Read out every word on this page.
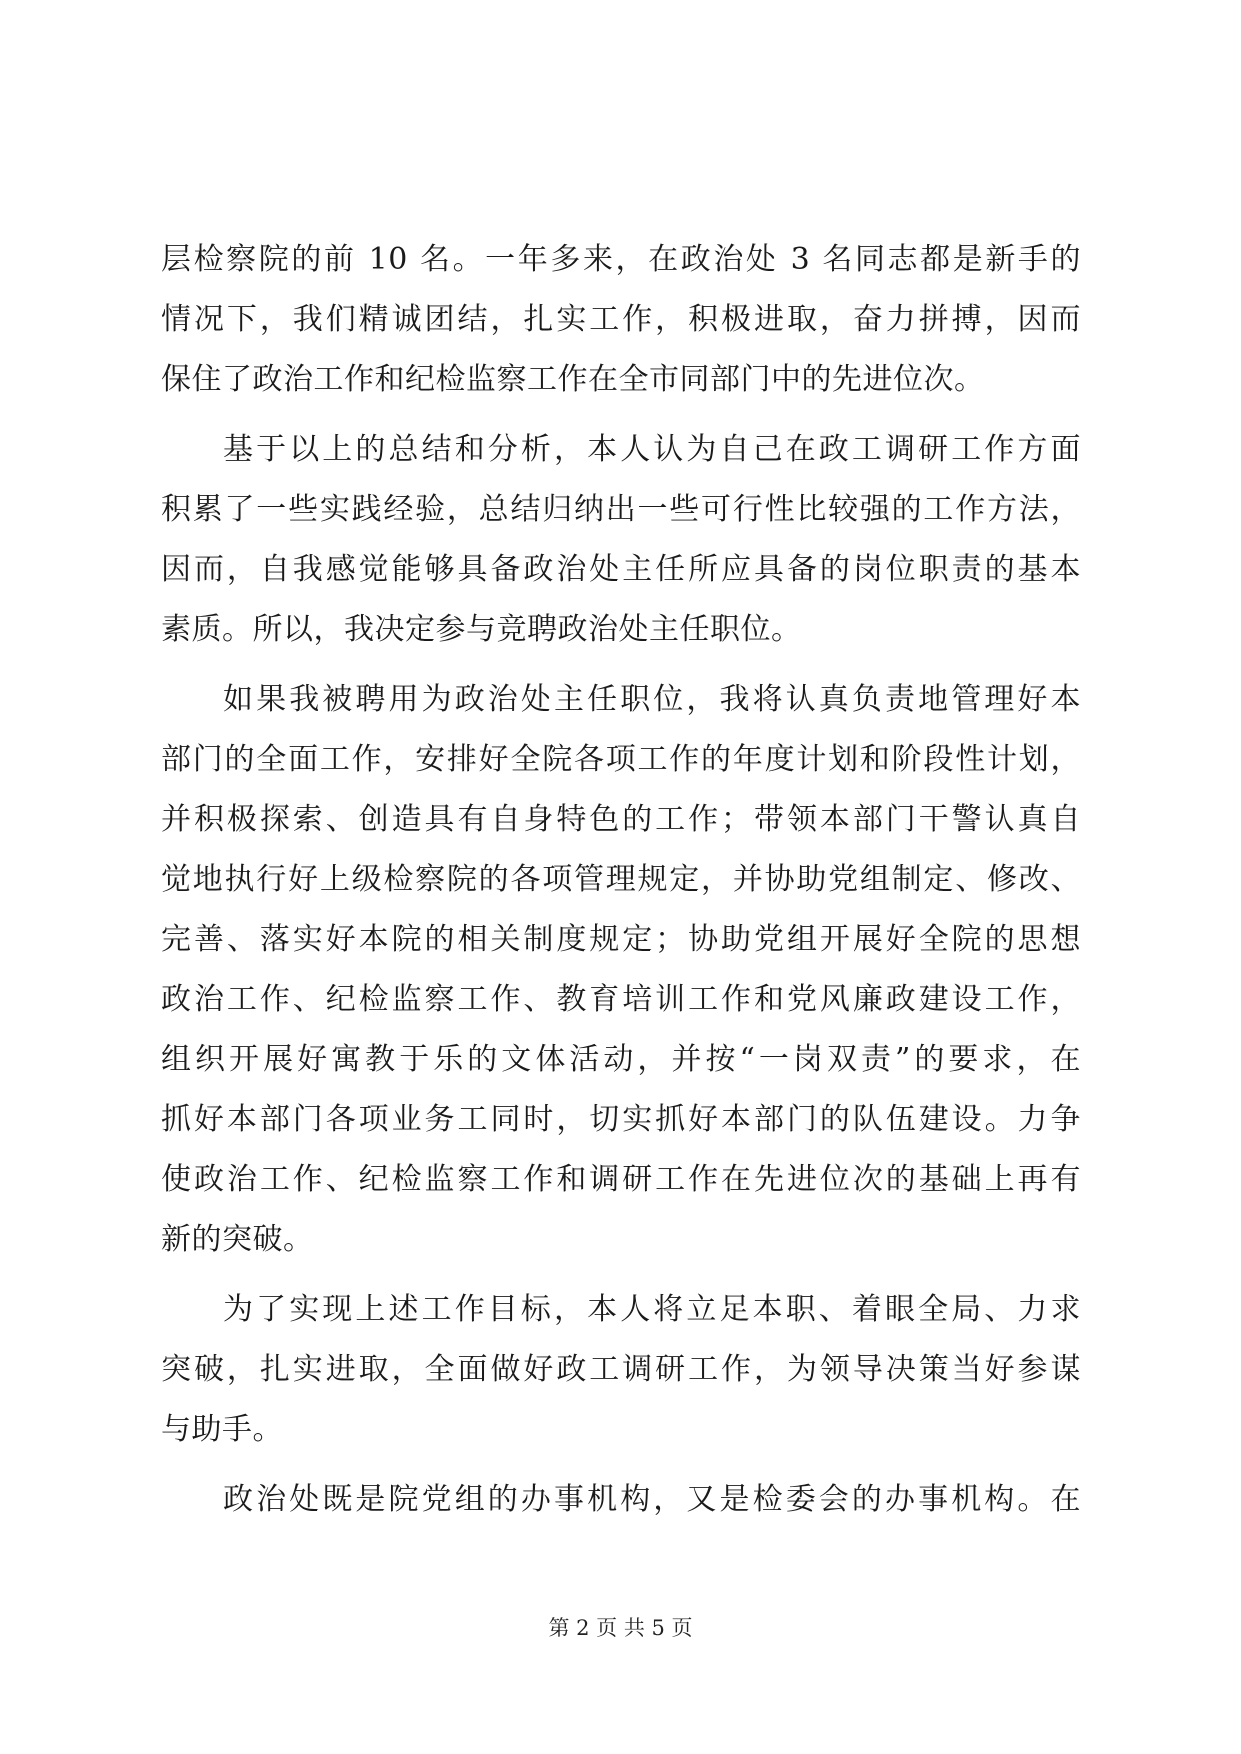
层检察院的前 10 名。一年多来，在政治处 3 名同志都是新手的
情况下，我们精诚团结，扎实工作，积极进取，奋力拼搏，因而
保住了政治工作和纪检监察工作在全市同部门中的先进位次。
基于以上的总结和分析，本人认为自己在政工调研工作方面
积累了一些实践经验，总结归纳出一些可行性比较强的工作方法，
因而，自我感觉能够具备政治处主任所应具备的岗位职责的基本
素质。所以，我决定参与竞聘政治处主任职位。
如果我被聘用为政治处主任职位，我将认真负责地管理好本
部门的全面工作，安排好全院各项工作的年度计划和阶段性计划，
并积极探索、创造具有自身特色的工作；带领本部门干警认真自
觉地执行好上级检察院的各项管理规定，并协助党组制定、修改、
完善、落实好本院的相关制度规定；协助党组开展好全院的思想
政治工作、纪检监察工作、教育培训工作和党风廉政建设工作，
组织开展好寓教于乐的文体活动，并按“一岗双责”的要求，在
抓好本部门各项业务工同时，切实抓好本部门的队伍建设。力争
使政治工作、纪检监察工作和调研工作在先进位次的基础上再有
新的突破。
为了实现上述工作目标，本人将立足本职、着眼全局、力求
突破，扎实进取，全面做好政工调研工作，为领导决策当好参谋
与助手。
政治处既是院党组的办事机构，又是检委会的办事机构。在
第 2 页 共 5 页
